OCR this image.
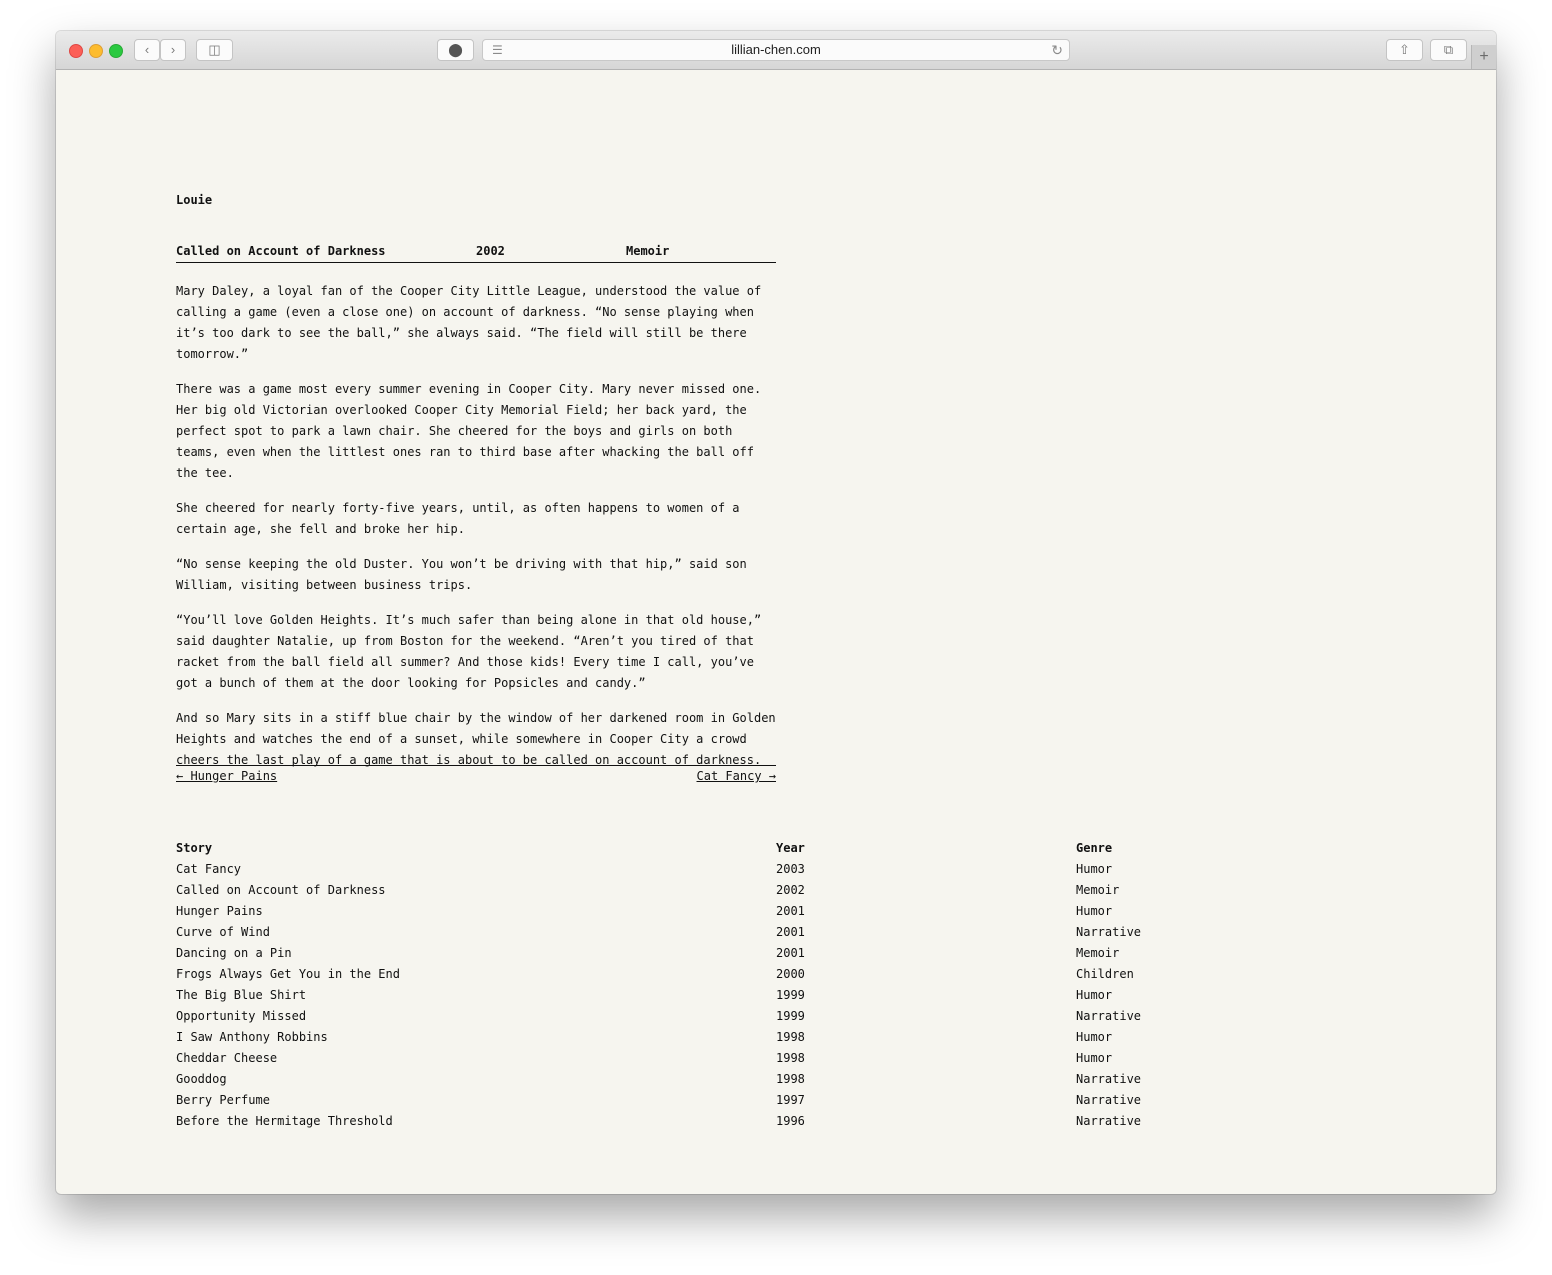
‹	›	◫	⬤	☰	lillian-chen.com	↻	⇧	⧉	+
Louie
Called on Account of Darkness	2002	Memoir

Mary Daley, a loyal fan of the Cooper City Little League, understood the value of calling a game (even a close one) on account of darkness. “No sense playing when it’s too dark to see the ball,” she always said. “The field will still be there tomorrow.”

There was a game most every summer evening in Cooper City. Mary never missed one. Her big old Victorian overlooked Cooper City Memorial Field; her back yard, the perfect spot to park a lawn chair. She cheered for the boys and girls on both teams, even when the littlest ones ran to third base after whacking the ball off the tee.

She cheered for nearly forty-five years, until, as often happens to women of a certain age, she fell and broke her hip.

“No sense keeping the old Duster. You won’t be driving with that hip,” said son William, visiting between business trips.

“You’ll love Golden Heights. It’s much safer than being alone in that old house,” said daughter Natalie, up from Boston for the weekend. “Aren’t you tired of that racket from the ball field all summer? And those kids! Every time I call, you’ve got a bunch of them at the door looking for Popsicles and candy.”

And so Mary sits in a stiff blue chair by the window of her darkened room in Golden Heights and watches the end of a sunset, while somewhere in Cooper City a crowd cheers the last play of a game that is about to be called on account of darkness.

← Hunger Pains	Cat Fancy →
Story	Year	Genre
Cat Fancy	2003	Humor
Called on Account of Darkness	2002	Memoir
Hunger Pains	2001	Humor
Curve of Wind	2001	Narrative
Dancing on a Pin	2001	Memoir
Frogs Always Get You in the End	2000	Children
The Big Blue Shirt	1999	Humor
Opportunity Missed	1999	Narrative
I Saw Anthony Robbins	1998	Humor
Cheddar Cheese	1998	Humor
Gooddog	1998	Narrative
Berry Perfume	1997	Narrative
Before the Hermitage Threshold	1996	Narrative
